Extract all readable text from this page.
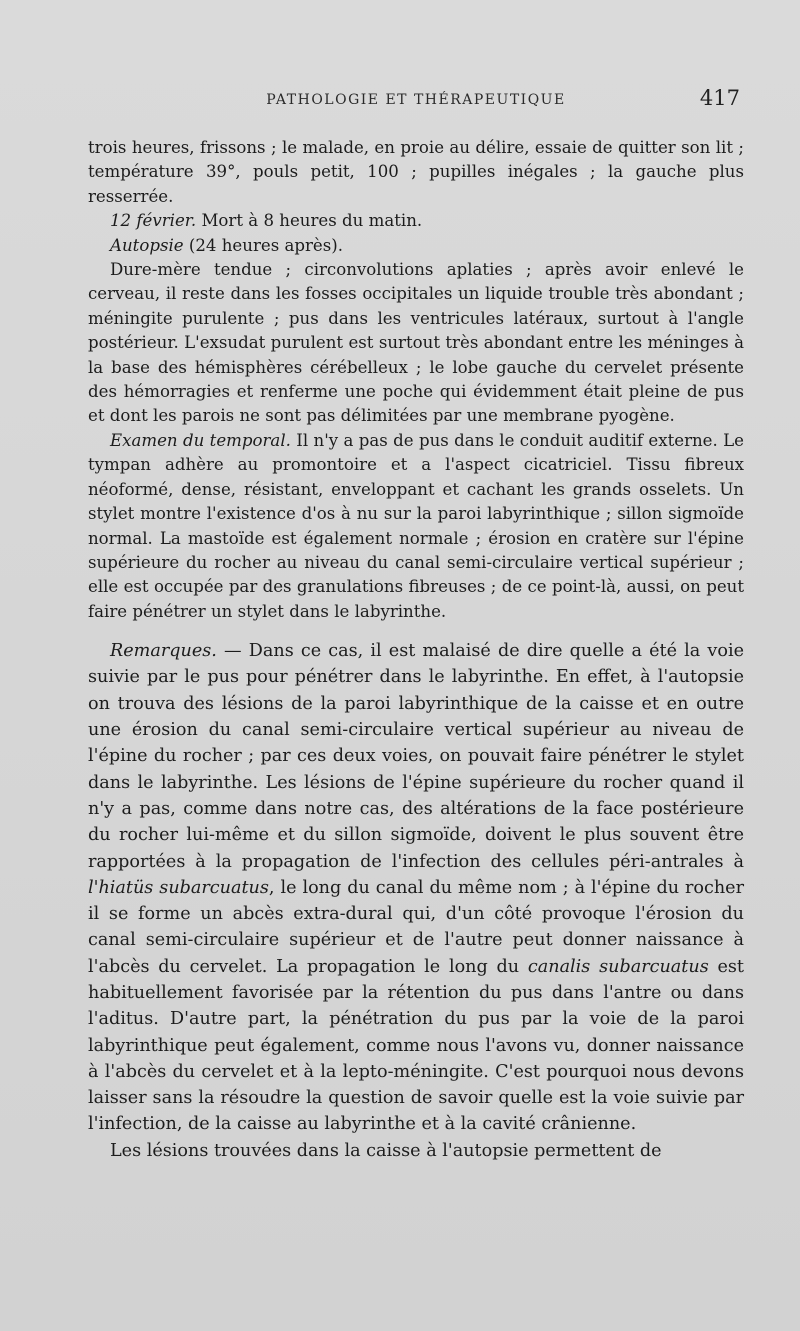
PATHOLOGIE ET THÉRAPEUTIQUE	417

trois heures, frissons ; le malade, en proie au délire, essaie de quitter son lit ; température 39°, pouls petit, 100 ; pupilles inégales ; la gauche plus resserrée.

12 février. Mort à 8 heures du matin.

Autopsie (24 heures après).

Dure-mère tendue ; circonvolutions aplaties ; après avoir enlevé le cerveau, il reste dans les fosses occipitales un liquide trouble très abondant ; méningite purulente ; pus dans les ventricules latéraux, surtout à l'angle postérieur. L'exsudat purulent est surtout très abondant entre les méninges à la base des hémisphères cérébelleux ; le lobe gauche du cervelet présente des hémorragies et renferme une poche qui évidemment était pleine de pus et dont les parois ne sont pas délimitées par une membrane pyogène.

Examen du temporal. Il n'y a pas de pus dans le conduit auditif externe. Le tympan adhère au promontoire et a l'aspect cicatriciel. Tissu fibreux néoformé, dense, résistant, enveloppant et cachant les grands osselets. Un stylet montre l'existence d'os à nu sur la paroi labyrinthique ; sillon sigmoïde normal. La mastoïde est également normale ; érosion en cratère sur l'épine supérieure du rocher au niveau du canal semi-circulaire vertical supérieur ; elle est occupée par des granulations fibreuses ; de ce point-là, aussi, on peut faire pénétrer un stylet dans le labyrinthe.

Remarques. — Dans ce cas, il est malaisé de dire quelle a été la voie suivie par le pus pour pénétrer dans le labyrinthe. En effet, à l'autopsie on trouva des lésions de la paroi labyrinthique de la caisse et en outre une érosion du canal semi-circulaire vertical supérieur au niveau de l'épine du rocher ; par ces deux voies, on pouvait faire pénétrer le stylet dans le labyrinthe. Les lésions de l'épine supérieure du rocher quand il n'y a pas, comme dans notre cas, des altérations de la face postérieure du rocher lui-même et du sillon sigmoïde, doivent le plus souvent être rapportées à la propagation de l'infection des cellules péri-antrales à l'hiatüs subarcuatus, le long du canal du même nom ; à l'épine du rocher il se forme un abcès extra-dural qui, d'un côté provoque l'érosion du canal semi-circulaire supérieur et de l'autre peut donner naissance à l'abcès du cervelet. La propagation le long du canalis subarcuatus est habituellement favorisée par la rétention du pus dans l'antre ou dans l'aditus. D'autre part, la pénétration du pus par la voie de la paroi labyrinthique peut également, comme nous l'avons vu, donner naissance à l'abcès du cervelet et à la lepto-méningite. C'est pourquoi nous devons laisser sans la résoudre la question de savoir quelle est la voie suivie par l'infection, de la caisse au labyrinthe et à la cavité crânienne.

Les lésions trouvées dans la caisse à l'autopsie permettent de
